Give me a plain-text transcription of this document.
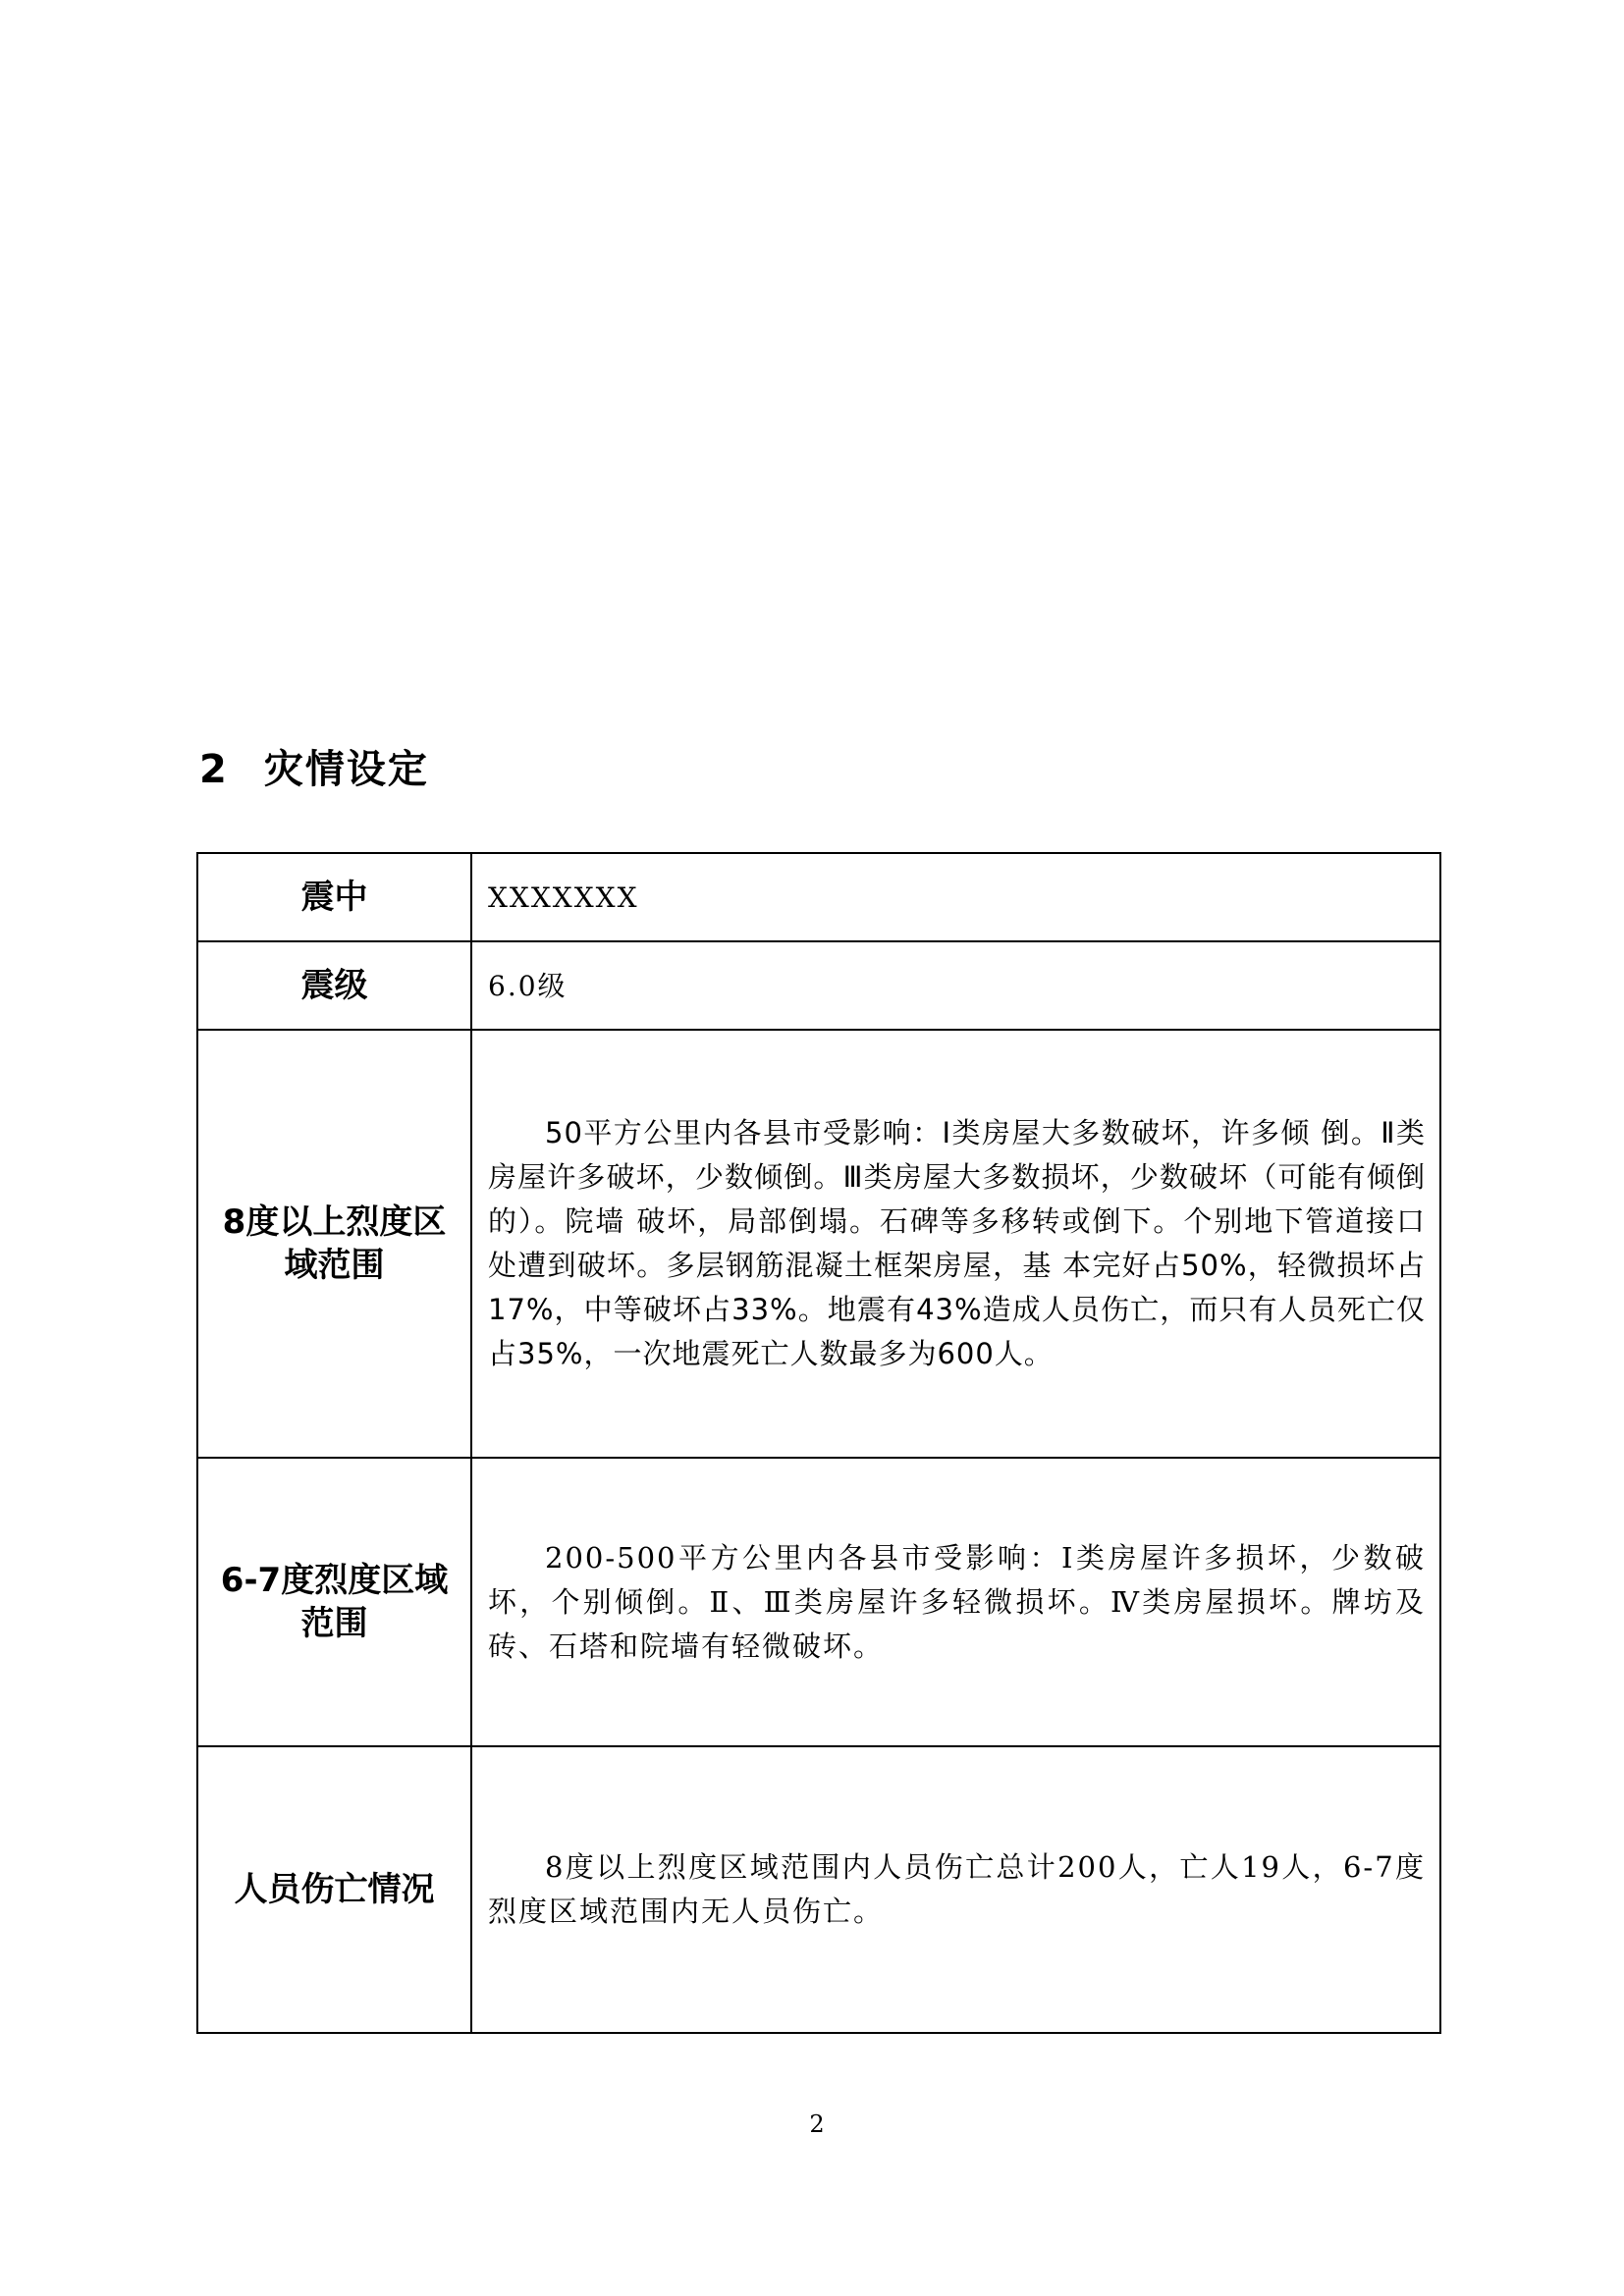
2 灾情设定
震中	XXXXXXX
震级	6.0级
8度以上烈度区域范围	50平方公里内各县市受影响：Ⅰ类房屋大多数破坏，许多倾 倒。Ⅱ类房屋许多破坏，少数倾倒。Ⅲ类房屋大多数损坏，少数破坏（可能有倾倒的）。院墙 破坏，局部倒塌。石碑等多移转或倒下。个别地下管道接口处遭到破坏。多层钢筋混凝土框架房屋，基 本完好占50%，轻微损坏占17%，中等破坏占33%。地震有43%造成人员伤亡，而只有人员死亡仅占35%，一次地震死亡人数最多为600人。
6-7度烈度区域范围	200-500平方公里内各县市受影响：Ⅰ类房屋许多损坏，少数破坏，个别倾倒。Ⅱ、Ⅲ类房屋许多轻微损坏。Ⅳ类房屋损坏。牌坊及砖、石塔和院墙有轻微破坏。
人员伤亡情况	8度以上烈度区域范围内人员伤亡总计200人，亡人19人，6-7度烈度区域范围内无人员伤亡。
2
